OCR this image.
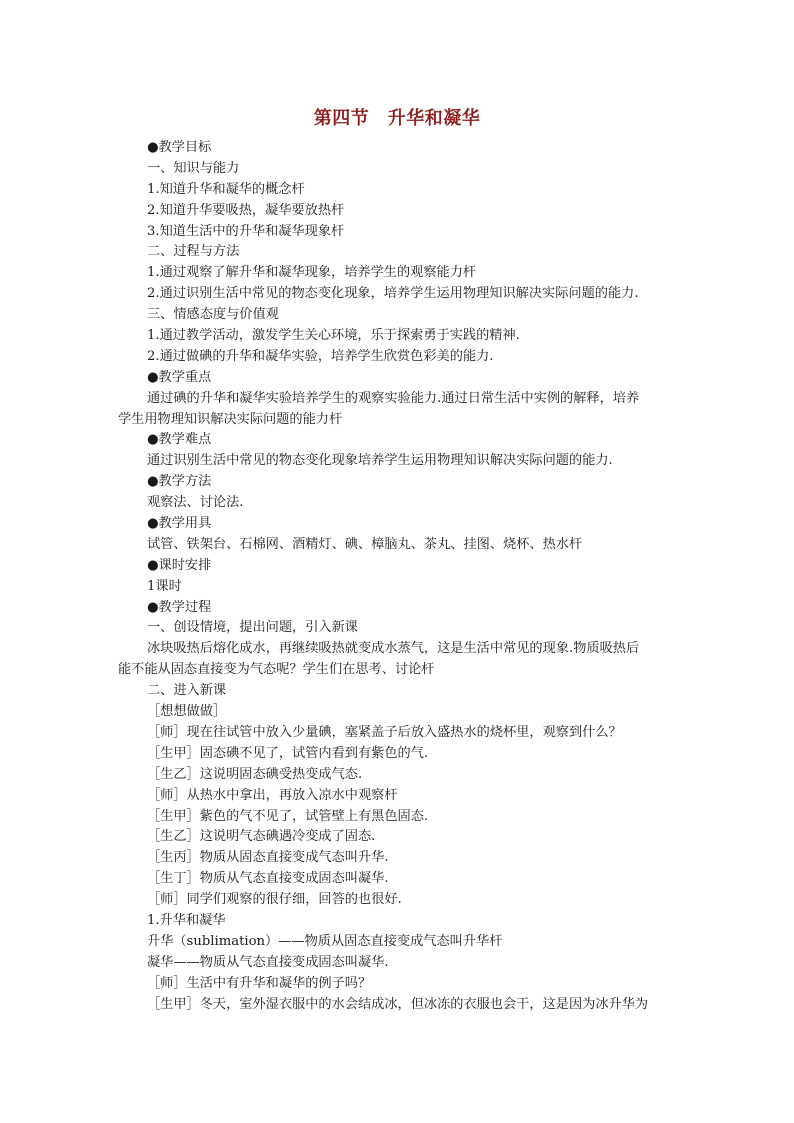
第四节　升华和凝华
●教学目标
一、知识与能力
1.知道升华和凝华的概念杆
2.知道升华要吸热，凝华要放热杆
3.知道生活中的升华和凝华现象杆
二、过程与方法
1.通过观察了解升华和凝华现象，培养学生的观察能力杆
2.通过识别生活中常见的物态变化现象，培养学生运用物理知识解决实际问题的能力.
三、情感态度与价值观
1.通过教学活动，激发学生关心环境，乐于探索勇于实践的精神.
2.通过做碘的升华和凝华实验，培养学生欣赏色彩美的能力.
●教学重点
通过碘的升华和凝华实验培养学生的观察实验能力.通过日常生活中实例的解释，培养
学生用物理知识解决实际问题的能力杆
●教学难点
通过识别生活中常见的物态变化现象培养学生运用物理知识解决实际问题的能力.
●教学方法
观察法、讨论法.
●教学用具
试管、铁架台、石棉网、酒精灯、碘、樟脑丸、茶丸、挂图、烧杯、热水杆
●课时安排
1课时
●教学过程
一、创设情境，提出问题，引入新课
冰块吸热后熔化成水，再继续吸热就变成水蒸气，这是生活中常见的现象.物质吸热后
能不能从固态直接变为气态呢？学生们在思考、讨论杆
二、进入新课
［想想做做］
［师］现在往试管中放入少量碘，塞紧盖子后放入盛热水的烧杯里，观察到什么？
［生甲］固态碘不见了，试管内看到有紫色的气.
［生乙］这说明固态碘受热变成气态.
［师］从热水中拿出，再放入凉水中观察杆
［生甲］紫色的气不见了，试管壁上有黑色固态.
［生乙］这说明气态碘遇冷变成了固态.
［生丙］物质从固态直接变成气态叫升华.
［生丁］物质从气态直接变成固态叫凝华.
［师］同学们观察的很仔细，回答的也很好.
1.升华和凝华
升华（sublimation）——物质从固态直接变成气态叫升华杆
凝华——物质从气态直接变成固态叫凝华.
［师］生活中有升华和凝华的例子吗？
［生甲］冬天，室外湿衣服中的水会结成冰，但冰冻的衣服也会干，这是因为冰升华为
